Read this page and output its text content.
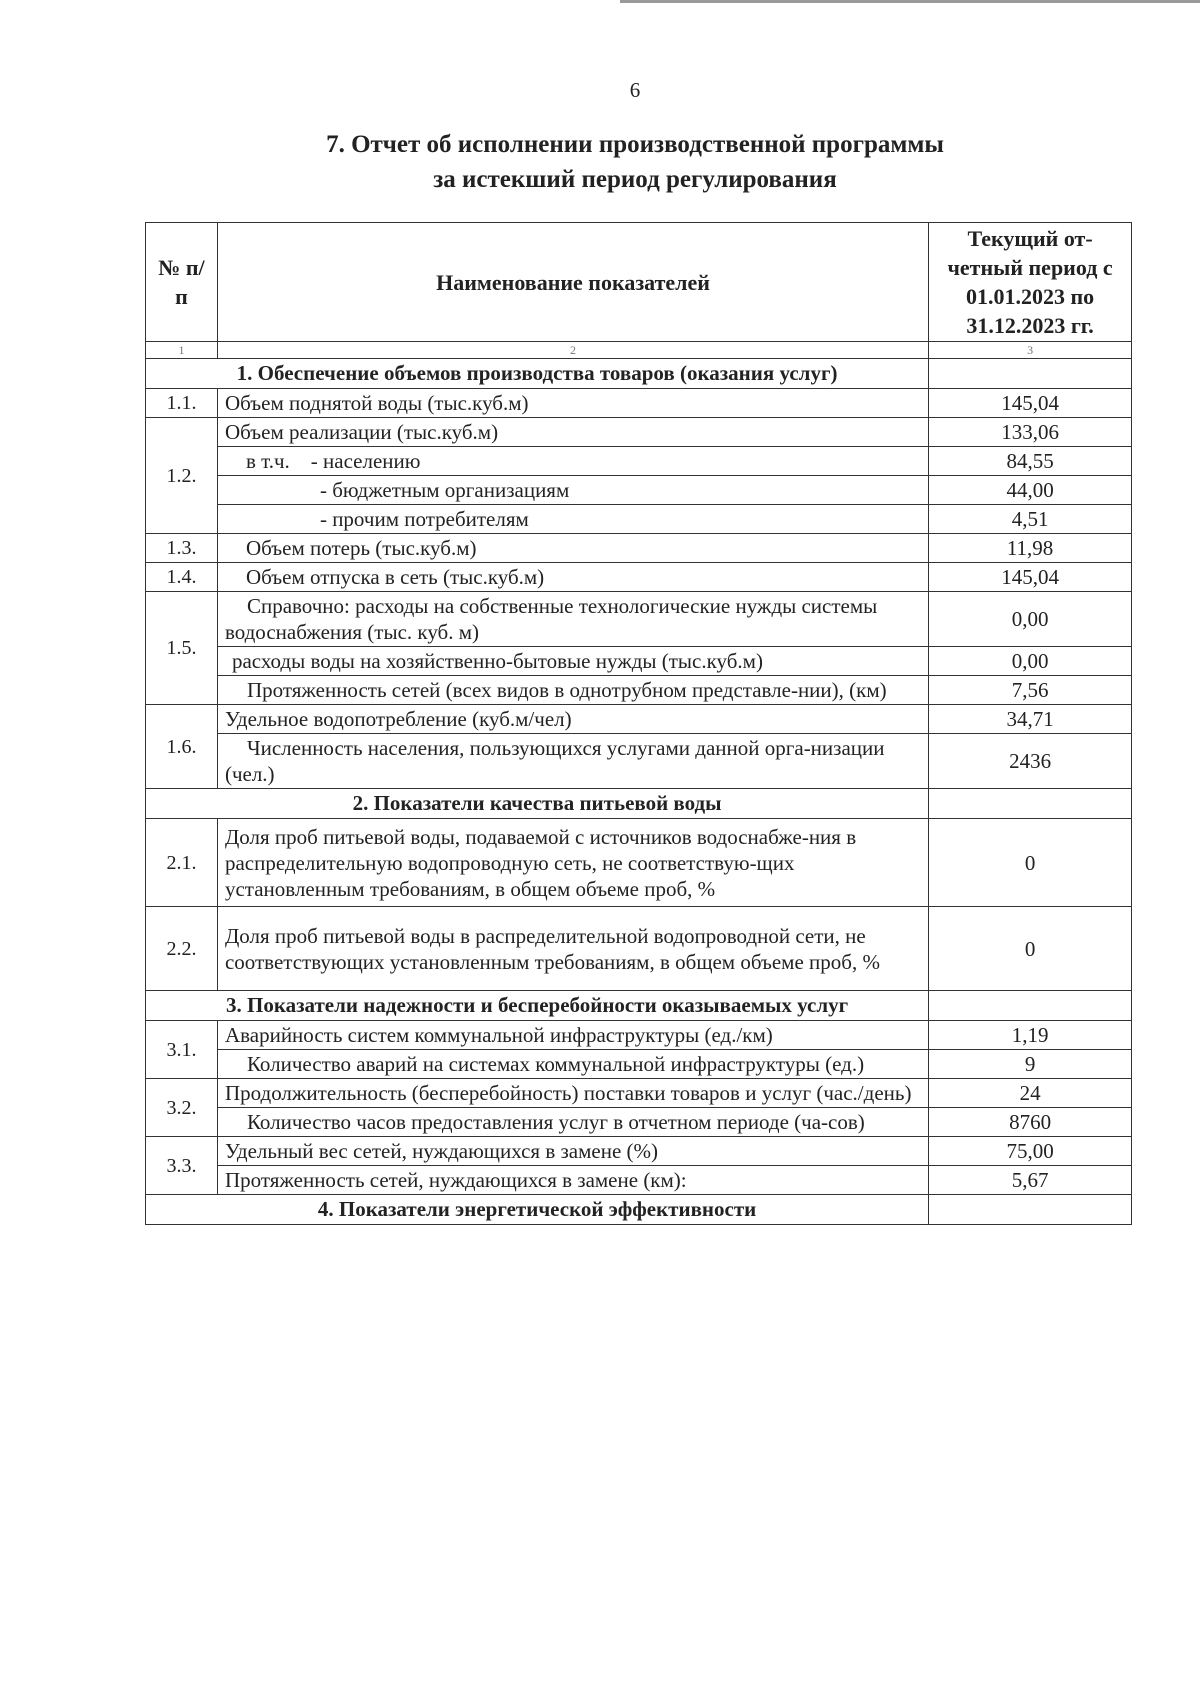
6
7. Отчет об исполнении производственной программы
за истекший период регулирования
№ п/п	Наименование показателей	Текущий от-четный период с 01.01.2023 по 31.12.2023 гг.
1	2	3
1. Обеспечение объемов производства товаров (оказания услуг)		
1.1.	Объем поднятой воды (тыс.куб.м)	145,04
1.2.	Объем реализации (тыс.куб.м)	133,06
	в т.ч.    - населению	84,55
	- бюджетным организациям	44,00
	- прочим потребителям	4,51
1.3.	Объем потерь (тыс.куб.м)	11,98
1.4.	Объем отпуска в сеть (тыс.куб.м)	145,04
1.5.	Справочно: расходы на собственные технологические нужды системы водоснабжения (тыс. куб. м)	0,00
	расходы воды на хозяйственно-бытовые нужды (тыс.куб.м)	0,00
	Протяженность сетей (всех видов в однотрубном представле-нии), (км)	7,56
1.6.	Удельное водопотребление (куб.м/чел)	34,71
	Численность населения, пользующихся услугами данной орга-низации (чел.)	2436
2. Показатели качества питьевой воды		
2.1.	Доля проб питьевой воды, подаваемой с источников водоснабже-ния в распределительную водопроводную сеть, не соответствую-щих установленным требованиям, в общем объеме проб, %	0
2.2.	Доля проб питьевой воды в распределительной водопроводной сети, не соответствующих установленным требованиям, в общем объеме проб, %	0
3. Показатели надежности и бесперебойности оказываемых услуг		
3.1.	Аварийность систем коммунальной инфраструктуры (ед./км)	1,19
	Количество аварий на системах коммунальной инфраструктуры (ед.)	9
3.2.	Продолжительность (бесперебойность) поставки товаров и услуг (час./день)	24
	Количество часов предоставления услуг в отчетном периоде (ча-сов)	8760
3.3.	Удельный вес сетей, нуждающихся в замене (%)	75,00
	Протяженность сетей, нуждающихся в замене (км):	5,67
4. Показатели энергетической эффективности		
